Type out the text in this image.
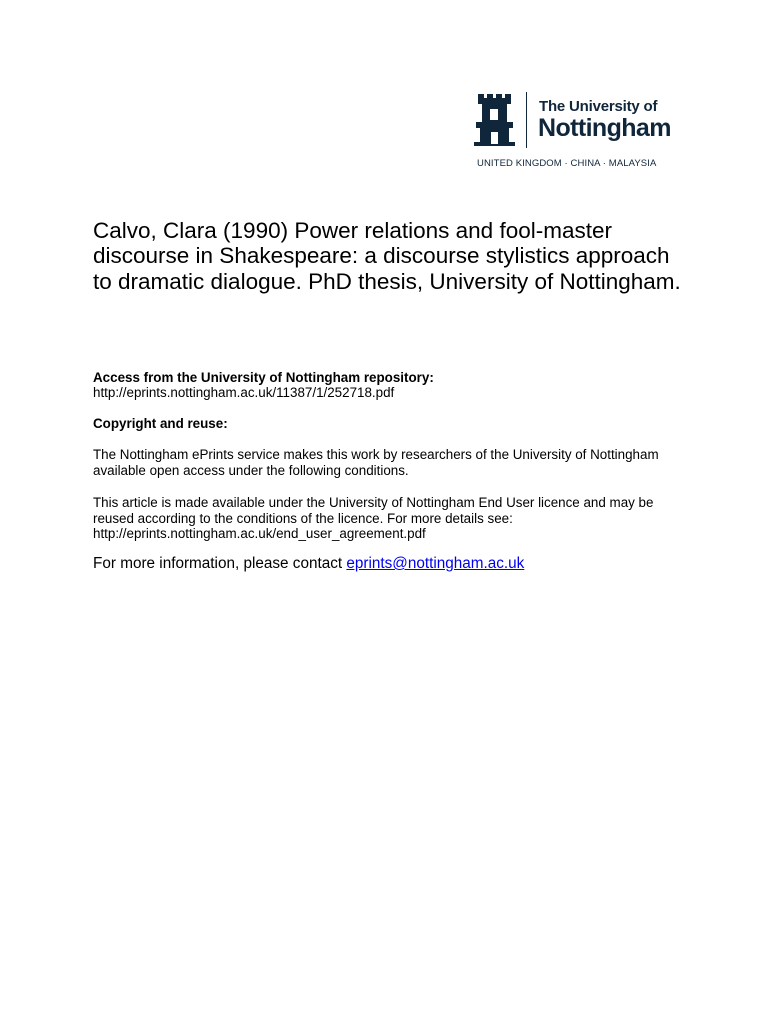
The University of
Nottingham
UNITED KINGDOM · CHINA · MALAYSIA

Calvo, Clara (1990) Power relations and fool-master discourse in Shakespeare: a discourse stylistics approach to dramatic dialogue. PhD thesis, University of Nottingham.

Access from the University of Nottingham repository:

http://eprints.nottingham.ac.uk/11387/1/252718.pdf

Copyright and reuse:

The Nottingham ePrints service makes this work by researchers of the University of Nottingham available open access under the following conditions.

This article is made available under the University of Nottingham End User licence and may be reused according to the conditions of the licence. For more details see:
http://eprints.nottingham.ac.uk/end_user_agreement.pdf

For more information, please contact eprints@nottingham.ac.uk
